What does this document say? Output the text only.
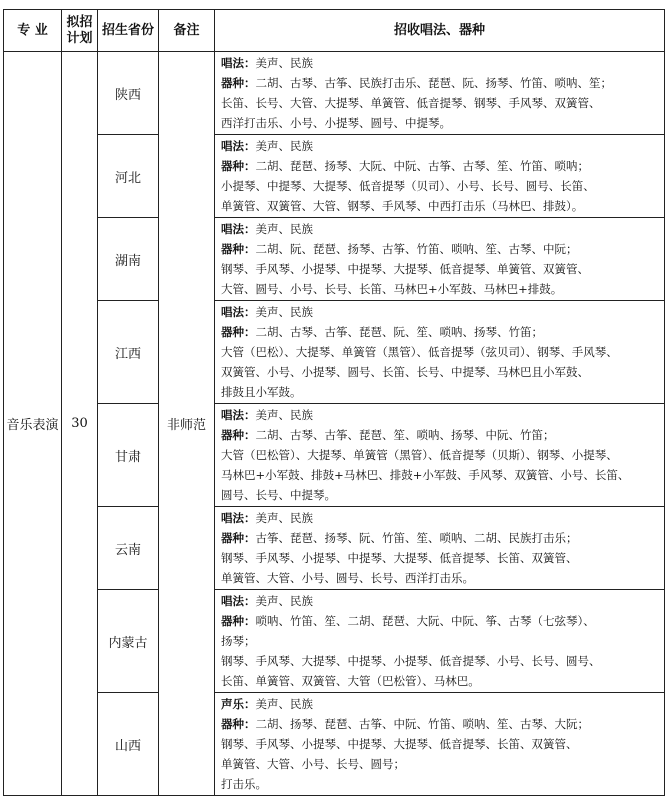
专 业	拟招
计划	招生省份	备注	招收唱法、器种
音乐表演	30	陕西	非师范	唱法：美声、民族
器种：二胡、古琴、古筝、民族打击乐、琵琶、阮、扬琴、竹笛、唢呐、笙；
长笛、长号、大管、大提琴、单簧管、低音提琴、钢琴、手风琴、双簧管、
西洋打击乐、小号、小提琴、圆号、中提琴。

		河北		唱法：美声、民族
器种：二胡、琵琶、扬琴、大阮、中阮、古筝、古琴、笙、竹笛、唢呐；
小提琴、中提琴、大提琴、低音提琴（贝司）、小号、长号、圆号、长笛、
单簧管、双簧管、大管、钢琴、手风琴、中西打击乐（马林巴、排鼓）。

		湖南		唱法：美声、民族
器种：二胡、阮、琵琶、扬琴、古筝、竹笛、唢呐、笙、古琴、中阮；
钢琴、手风琴、小提琴、中提琴、大提琴、低音提琴、单簧管、双簧管、
大管、圆号、小号、长号、长笛、马林巴+小军鼓、马林巴+排鼓。

		江西		唱法：美声、民族
器种：二胡、古琴、古筝、琵琶、阮、笙、唢呐、扬琴、竹笛；
大管（巴松）、大提琴、单簧管（黑管）、低音提琴（弦贝司）、钢琴、手风琴、
双簧管、小号、小提琴、圆号、长笛、长号、中提琴、马林巴且小军鼓、
排鼓且小军鼓。

		甘肃		唱法：美声、民族
器种：二胡、古琴、古筝、琵琶、笙、唢呐、扬琴、中阮、竹笛；
大管（巴松管）、大提琴、单簧管（黑管）、低音提琴（贝斯）、钢琴、小提琴、
马林巴+小军鼓、排鼓+马林巴、排鼓+小军鼓、手风琴、双簧管、小号、长笛、
圆号、长号、中提琴。

		云南		唱法：美声、民族
器种：古筝、琵琶、扬琴、阮、竹笛、笙、唢呐、二胡、民族打击乐；
钢琴、手风琴、小提琴、中提琴、大提琴、低音提琴、长笛、双簧管、
单簧管、大管、小号、圆号、长号、西洋打击乐。

		内蒙古		唱法：美声、民族
器种：唢呐、竹笛、笙、二胡、琵琶、大阮、中阮、筝、古琴（七弦琴）、
扬琴；
钢琴、手风琴、大提琴、中提琴、小提琴、低音提琴、小号、长号、圆号、
长笛、单簧管、双簧管、大管（巴松管）、马林巴。

		山西		声乐：美声、民族
器种：二胡、扬琴、琵琶、古筝、中阮、竹笛、唢呐、笙、古琴、大阮；
钢琴、手风琴、小提琴、中提琴、大提琴、低音提琴、长笛、双簧管、
单簧管、大管、小号、长号、圆号；
打击乐。
